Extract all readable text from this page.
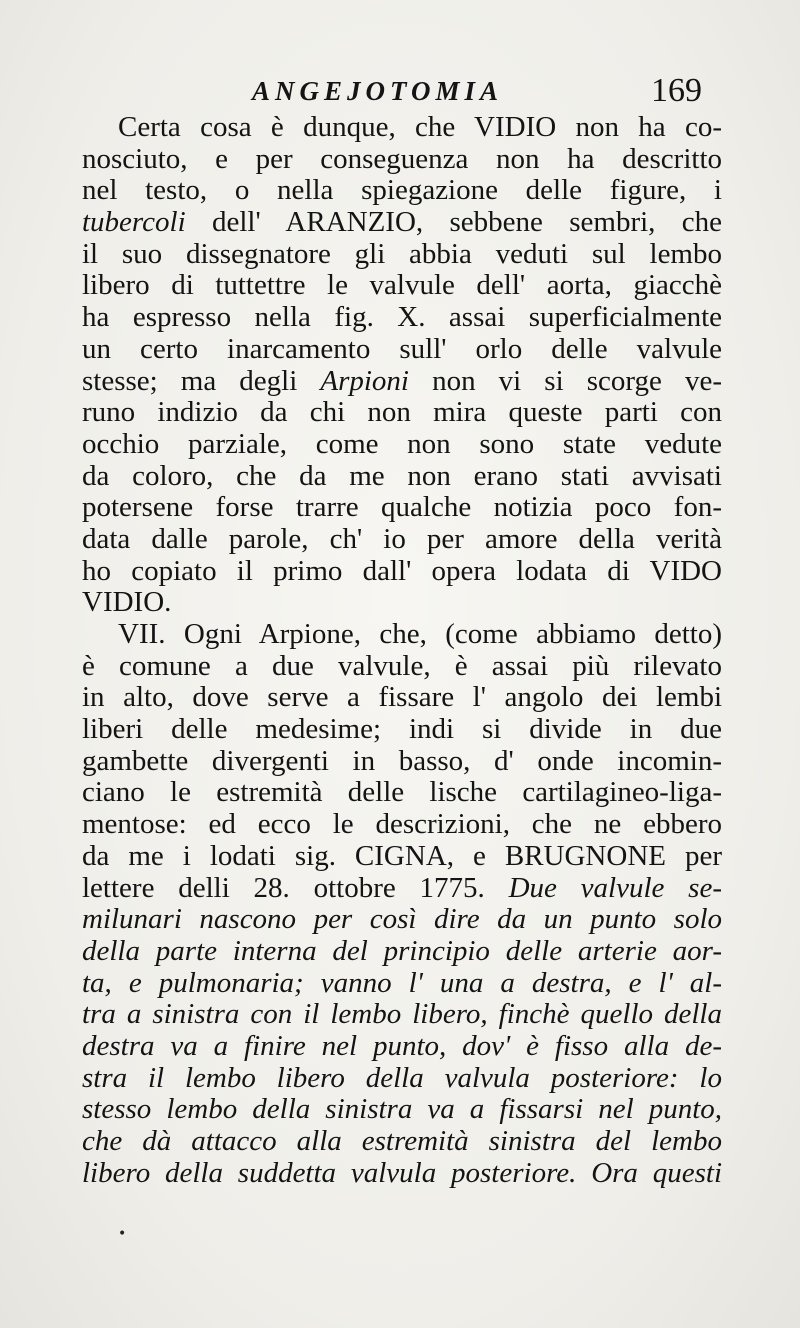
ANGEJOTOMIA	169
Certa cosa è dunque, che VIDIO non ha co-
nosciuto, e per conseguenza non ha descritto
nel testo, o nella spiegazione delle figure, i
tubercoli dell' ARANZIO, sebbene sembri, che
il suo dissegnatore gli abbia veduti sul lembo
libero di tuttettre le valvule dell' aorta, giacchè
ha espresso nella fig. X. assai superficialmente
un certo inarcamento sull' orlo delle valvule
stesse; ma degli Arpioni non vi si scorge ve-
runo indizio da chi non mira queste parti con
occhio parziale, come non sono state vedute
da coloro, che da me non erano stati avvisati
potersene forse trarre qualche notizia poco fon-
data dalle parole, ch' io per amore della verità
ho copiato il primo dall' opera lodata di VIDO
VIDIO.
VII. Ogni Arpione, che, (come abbiamo detto)
è comune a due valvule, è assai più rilevato
in alto, dove serve a fissare l' angolo dei lembi
liberi delle medesime; indi si divide in due
gambette divergenti in basso, d' onde incomin-
ciano le estremità delle lische cartilagineo-liga-
mentose: ed ecco le descrizioni, che ne ebbero
da me i lodati sig. CIGNA, e BRUGNONE per
lettere delli 28. ottobre 1775. Due valvule se-
milunari nascono per così dire da un punto solo
della parte interna del principio delle arterie aor-
ta, e pulmonaria; vanno l' una a destra, e l' al-
tra a sinistra con il lembo libero, finchè quello della
destra va a finire nel punto, dov' è fisso alla de-
stra il lembo libero della valvula posteriore: lo
stesso lembo della sinistra va a fissarsi nel punto,
che dà attacco alla estremità sinistra del lembo
libero della suddetta valvula posteriore. Ora questi
•
